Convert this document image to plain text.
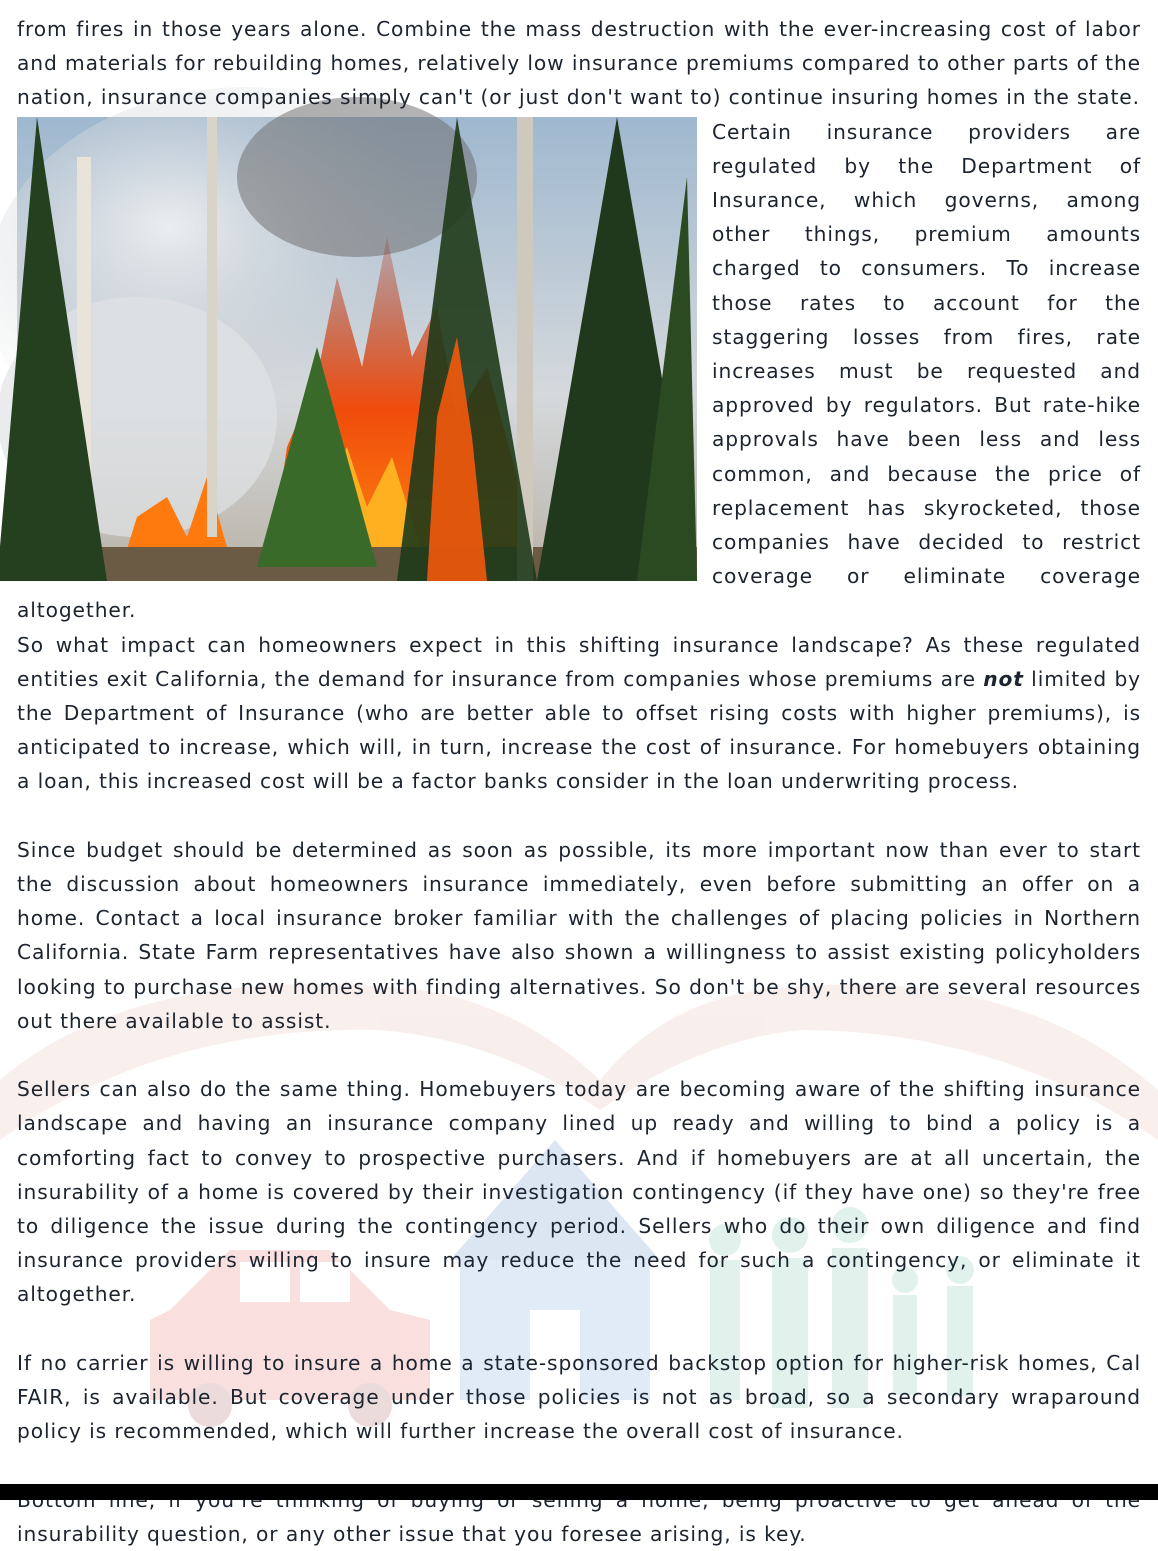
from fires in those years alone. Combine the mass destruction with the ever-increasing cost of labor and materials for rebuilding homes, relatively low insurance premiums compared to other parts of the nation, insurance companies simply can't (or just don't want to) continue insuring homes in the state.

Certain insurance providers are regulated by the Department of Insurance, which governs, among other things, premium amounts charged to consumers. To increase those rates to account for the staggering losses from fires, rate increases must be requested and approved by regulators. But rate-hike approvals have been less and less common, and because the price of replacement has skyrocketed, those companies have decided to restrict coverage or eliminate coverage altogether.

So what impact can homeowners expect in this shifting insurance landscape? As these regulated entities exit California, the demand for insurance from companies whose premiums are not limited by the Department of Insurance (who are better able to offset rising costs with higher premiums), is anticipated to increase, which will, in turn, increase the cost of insurance. For homebuyers obtaining a loan, this increased cost will be a factor banks consider in the loan underwriting process.

Since budget should be determined as soon as possible, its more important now than ever to start the discussion about homeowners insurance immediately, even before submitting an offer on a home. Contact a local insurance broker familiar with the challenges of placing policies in Northern California. State Farm representatives have also shown a willingness to assist existing policyholders looking to purchase new homes with finding alternatives. So don't be shy, there are several resources out there available to assist.

Sellers can also do the same thing. Homebuyers today are becoming aware of the shifting insurance landscape and having an insurance company lined up ready and willing to bind a policy is a comforting fact to convey to prospective purchasers. And if homebuyers are at all uncertain, the insurability of a home is covered by their investigation contingency (if they have one) so they're free to diligence the issue during the contingency period. Sellers who do their own diligence and find insurance providers willing to insure may reduce the need for such a contingency, or eliminate it altogether.

If no carrier is willing to insure a home a state-sponsored backstop option for higher-risk homes, Cal FAIR, is available. But coverage under those policies is not as broad, so a secondary wraparound policy is recommended, which will further increase the overall cost of insurance.

insurability question, or any other issue that you foresee arising, is key.
